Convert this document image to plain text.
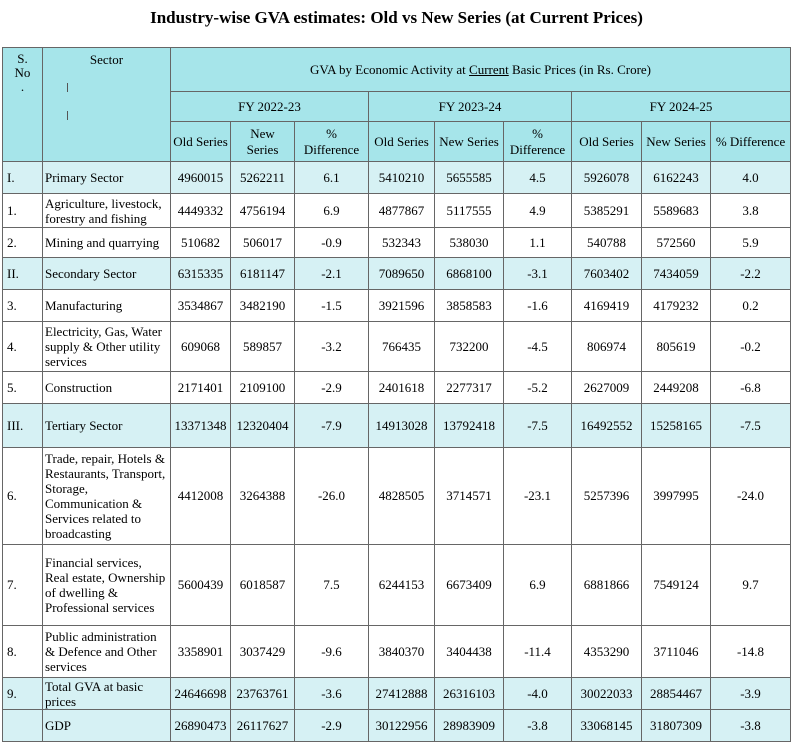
Industry-wise GVA estimates: Old vs New Series (at Current Prices)
S.
No
.	Sector	GVA by Economic Activity at Current Basic Prices (in Rs. Crore)								
		FY 2022-23			FY 2023-24			FY 2024-25		
		Old Series	New Series	% Difference	Old Series	New Series	% Difference	Old Series	New Series	% Difference
I.	Primary Sector	4960015	5262211	6.1	5410210	5655585	4.5	5926078	6162243	4.0
1.	Agriculture, livestock, forestry and fishing	4449332	4756194	6.9	4877867	5117555	4.9	5385291	5589683	3.8
2.	Mining and quarrying	510682	506017	-0.9	532343	538030	1.1	540788	572560	5.9
II.	Secondary Sector	6315335	6181147	-2.1	7089650	6868100	-3.1	7603402	7434059	-2.2
3.	Manufacturing	3534867	3482190	-1.5	3921596	3858583	-1.6	4169419	4179232	0.2
4.	Electricity, Gas, Water supply & Other utility services	609068	589857	-3.2	766435	732200	-4.5	806974	805619	-0.2
5.	Construction	2171401	2109100	-2.9	2401618	2277317	-5.2	2627009	2449208	-6.8
III.	Tertiary Sector	13371348	12320404	-7.9	14913028	13792418	-7.5	16492552	15258165	-7.5
6.	Trade, repair, Hotels & Restaurants, Transport, Storage, Communication & Services related to broadcasting	4412008	3264388	-26.0	4828505	3714571	-23.1	5257396	3997995	-24.0
7.	Financial services, Real estate, Ownership of dwelling & Professional services	5600439	6018587	7.5	6244153	6673409	6.9	6881866	7549124	9.7
8.	Public administration & Defence and Other services	3358901	3037429	-9.6	3840370	3404438	-11.4	4353290	3711046	-14.8
9.	Total GVA at basic prices	24646698	23763761	-3.6	27412888	26316103	-4.0	30022033	28854467	-3.9
	GDP	26890473	26117627	-2.9	30122956	28983909	-3.8	33068145	31807309	-3.8
